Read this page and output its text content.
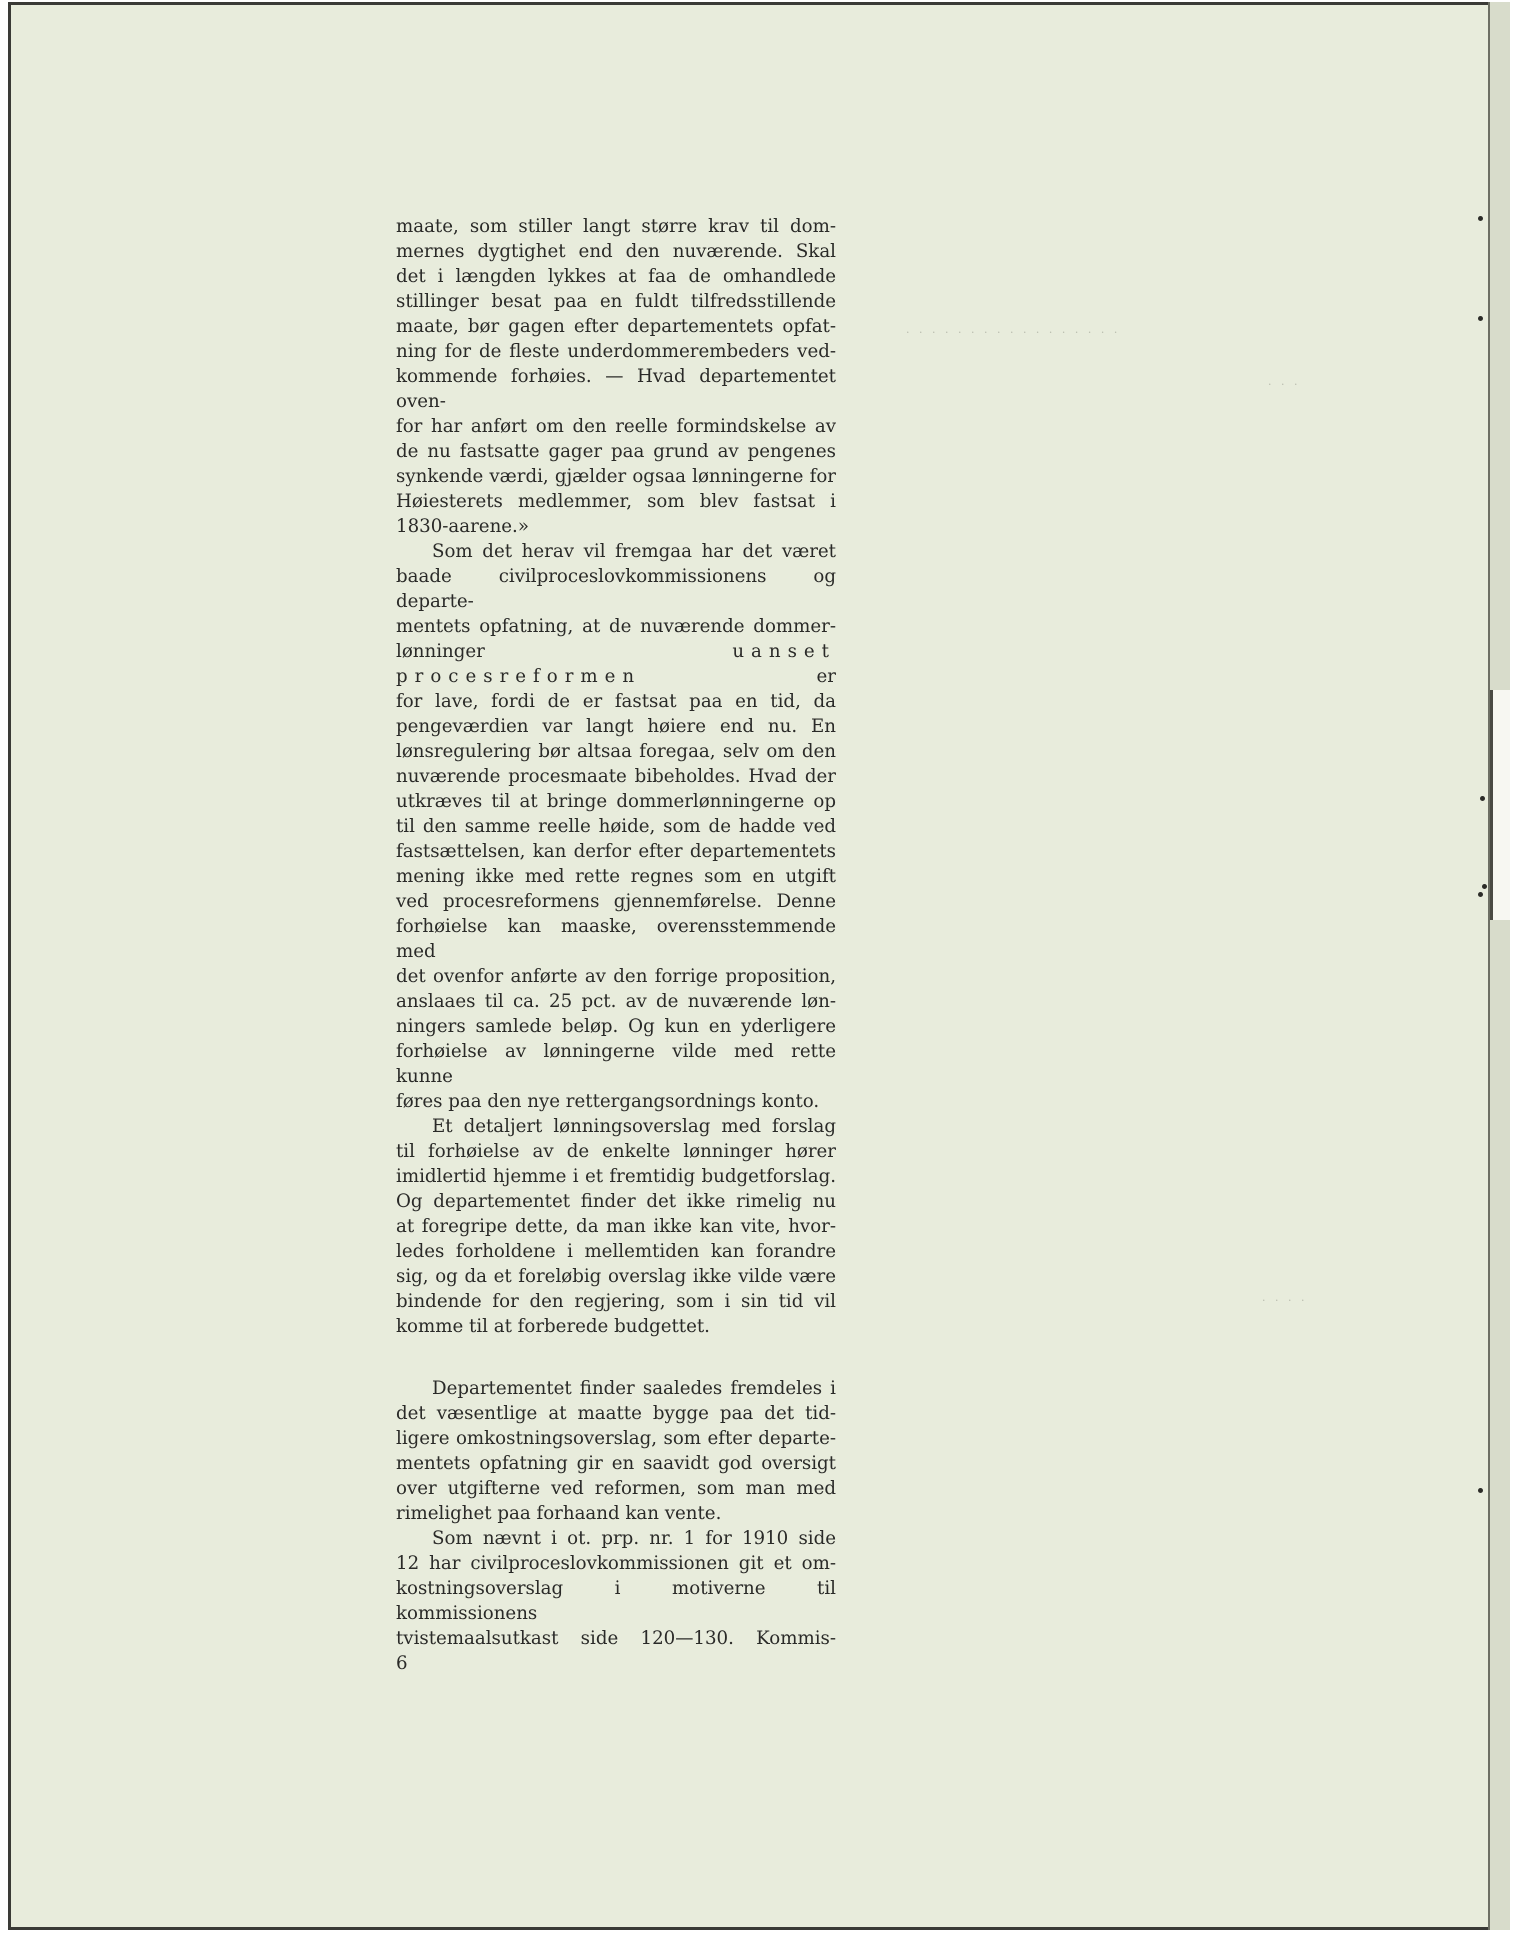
· · · · · · · · · · · · · · · · ·
· · ·
· · · ·

maate, som stiller langt større krav til dom-
mernes dygtighet end den nuværende. Skal
det i længden lykkes at faa de omhandlede
stillinger besat paa en fuldt tilfredsstillende
maate, bør gagen efter departementets opfat-
ning for de fleste underdommerembeders ved-
kommende forhøies. — Hvad departementet oven-
for har anført om den reelle formindskelse av
de nu fastsatte gager paa grund av pengenes
synkende værdi, gjælder ogsaa lønningerne for
Høiesterets medlemmer, som blev fastsat i
1830-aarene.»

Som det herav vil fremgaa har det været
baade civilproceslovkommissionens og departe-
mentets opfatning, at de nuværende dommer-
lønninger	uanset procesreformen	er
for lave, fordi de er fastsat paa en tid, da
pengeværdien var langt høiere end nu. En
lønsregulering bør altsaa foregaa, selv om den
nuværende procesmaate bibeholdes. Hvad der
utkræves til at bringe dommerlønningerne op
til den samme reelle høide, som de hadde ved
fastsættelsen, kan derfor efter departementets
mening ikke med rette regnes som en utgift
ved procesreformens gjennemførelse. Denne
forhøielse kan maaske, overensstemmende med
det ovenfor anførte av den forrige proposition,
anslaaes til ca. 25 pct. av de nuværende løn-
ningers samlede beløp. Og kun en yderligere
forhøielse av lønningerne vilde med rette kunne
føres paa den nye rettergangsordnings konto.

Et detaljert lønningsoverslag med forslag
til forhøielse av de enkelte lønninger hører
imidlertid hjemme i et fremtidig budgetforslag.
Og departementet finder det ikke rimelig nu
at foregripe dette, da man ikke kan vite, hvor-
ledes forholdene i mellemtiden kan forandre
sig, og da et foreløbig overslag ikke vilde være
bindende for den regjering, som i sin tid vil
komme til at forberede budgettet.

Departementet finder saaledes fremdeles i
det væsentlige at maatte bygge paa det tid-
ligere omkostningsoverslag, som efter departe-
mentets opfatning gir en saavidt god oversigt
over utgifterne ved reformen, som man med
rimelighet paa forhaand kan vente.

Som nævnt i ot. prp. nr. 1 for 1910 side
12 har civilproceslovkommissionen git et om-
kostningsoverslag i motiverne til kommissionens
tvistemaalsutkast side 120—130. Kommis-

6
